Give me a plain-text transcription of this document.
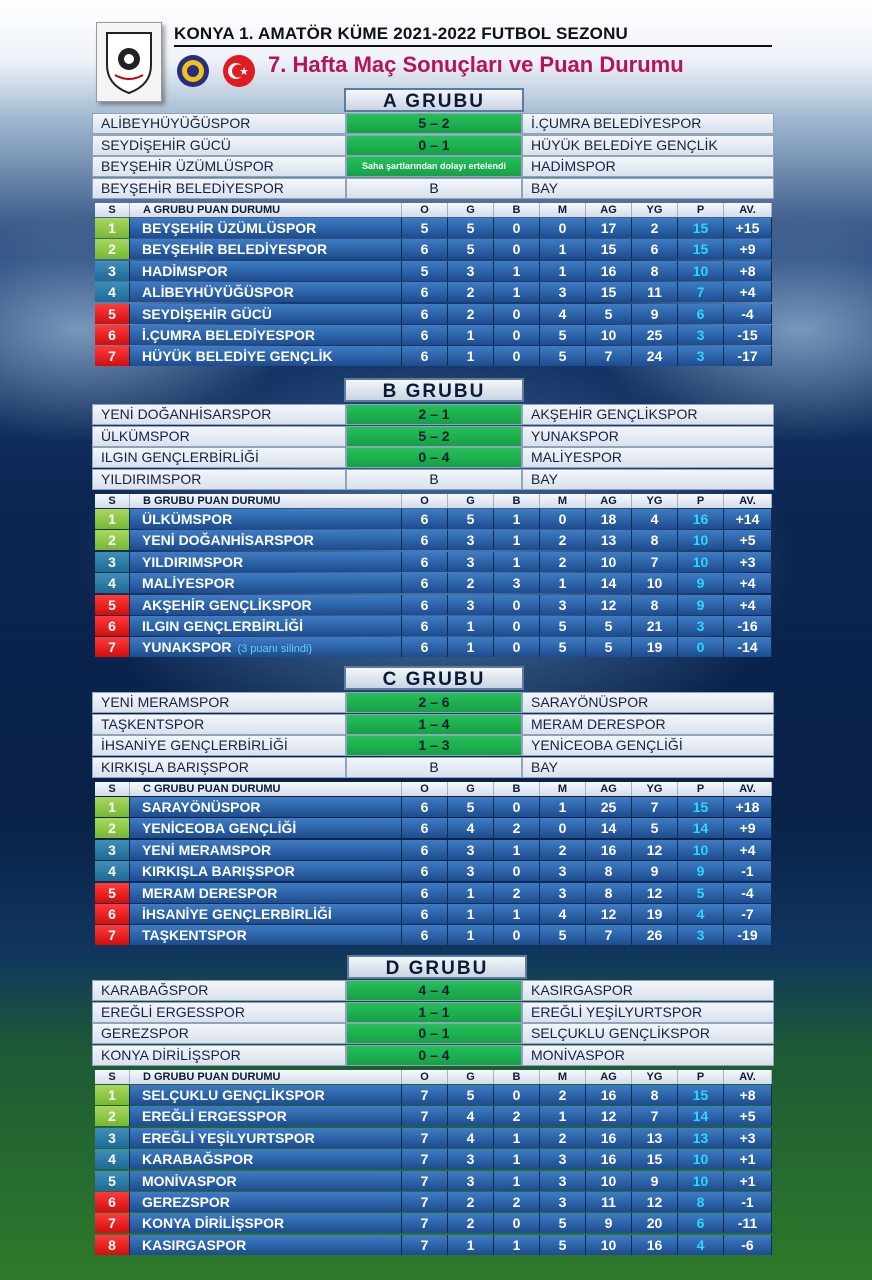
KONYA 1. AMATÖR KÜME 2021-2022 FUTBOL SEZONU
7. Hafta Maç Sonuçları ve Puan Durumu
A GRUBU
ALİBEYHÜYÜĞÜSPOR	5 – 2	İ.ÇUMRA BELEDİYESPOR
SEYDİŞEHİR GÜCÜ	0 – 1	HÜYÜK BELEDİYE GENÇLİK
BEYŞEHİR ÜZÜMLÜSPOR	Saha şartlarından dolayı ertelendi	HADİMSPOR
BEYŞEHİR BELEDİYESPOR	B	BAY
S	A GRUBU PUAN DURUMU	O	G	B	M	AG	YG	P	AV.
1	BEYŞEHİR ÜZÜMLÜSPOR	5	5	0	0	17	2	15	+15
2	BEYŞEHİR BELEDİYESPOR	6	5	0	1	15	6	15	+9
3	HADİMSPOR	5	3	1	1	16	8	10	+8
4	ALİBEYHÜYÜĞÜSPOR	6	2	1	3	15	11	7	+4
5	SEYDİŞEHİR GÜCÜ	6	2	0	4	5	9	6	-4
6	İ.ÇUMRA BELEDİYESPOR	6	1	0	5	10	25	3	-15
7	HÜYÜK BELEDİYE GENÇLİK	6	1	0	5	7	24	3	-17
B GRUBU
YENİ DOĞANHİSARSPOR	2 – 1	AKŞEHİR GENÇLİKSPOR
ÜLKÜMSPOR	5 – 2	YUNAKSPOR
ILGIN GENÇLERBİRLİĞİ	0 – 4	MALİYESPOR
YILDIRIMSPOR	B	BAY
S	B GRUBU PUAN DURUMU	O	G	B	M	AG	YG	P	AV.
1	ÜLKÜMSPOR	6	5	1	0	18	4	16	+14
2	YENİ DOĞANHİSARSPOR	6	3	1	2	13	8	10	+5
3	YILDIRIMSPOR	6	3	1	2	10	7	10	+3
4	MALİYESPOR	6	2	3	1	14	10	9	+4
5	AKŞEHİR GENÇLİKSPOR	6	3	0	3	12	8	9	+4
6	ILGIN GENÇLERBİRLİĞİ	6	1	0	5	5	21	3	-16
7	YUNAKSPOR (3 puanı silindi)	6	1	0	5	5	19	0	-14
C GRUBU
YENİ MERAMSPOR	2 – 6	SARAYÖNÜSPOR
TAŞKENTSPOR	1 – 4	MERAM DERESPOR
İHSANİYE GENÇLERBİRLİĞİ	1 – 3	YENİCEOBA GENÇLİĞİ
KIRKIŞLA BARIŞSPOR	B	BAY
S	C GRUBU PUAN DURUMU	O	G	B	M	AG	YG	P	AV.
1	SARAYÖNÜSPOR	6	5	0	1	25	7	15	+18
2	YENİCEOBA GENÇLİĞİ	6	4	2	0	14	5	14	+9
3	YENİ MERAMSPOR	6	3	1	2	16	12	10	+4
4	KIRKIŞLA BARIŞSPOR	6	3	0	3	8	9	9	-1
5	MERAM DERESPOR	6	1	2	3	8	12	5	-4
6	İHSANİYE GENÇLERBİRLİĞİ	6	1	1	4	12	19	4	-7
7	TAŞKENTSPOR	6	1	0	5	7	26	3	-19
D GRUBU
KARABAĞSPOR	4 – 4	KASIRGASPOR
EREĞLİ ERGESSPOR	1 – 1	EREĞLİ YEŞİLYURTSPOR
GEREZSPOR	0 – 1	SELÇUKLU GENÇLİKSPOR
KONYA DİRİLİŞSPOR	0 – 4	MONİVASPOR
S	D GRUBU PUAN DURUMU	O	G	B	M	AG	YG	P	AV.
1	SELÇUKLU GENÇLİKSPOR	7	5	0	2	16	8	15	+8
2	EREĞLİ ERGESSPOR	7	4	2	1	12	7	14	+5
3	EREĞLİ YEŞİLYURTSPOR	7	4	1	2	16	13	13	+3
4	KARABAĞSPOR	7	3	1	3	16	15	10	+1
5	MONİVASPOR	7	3	1	3	10	9	10	+1
6	GEREZSPOR	7	2	2	3	11	12	8	-1
7	KONYA DİRİLİŞSPOR	7	2	0	5	9	20	6	-11
8	KASIRGASPOR	7	1	1	5	10	16	4	-6
